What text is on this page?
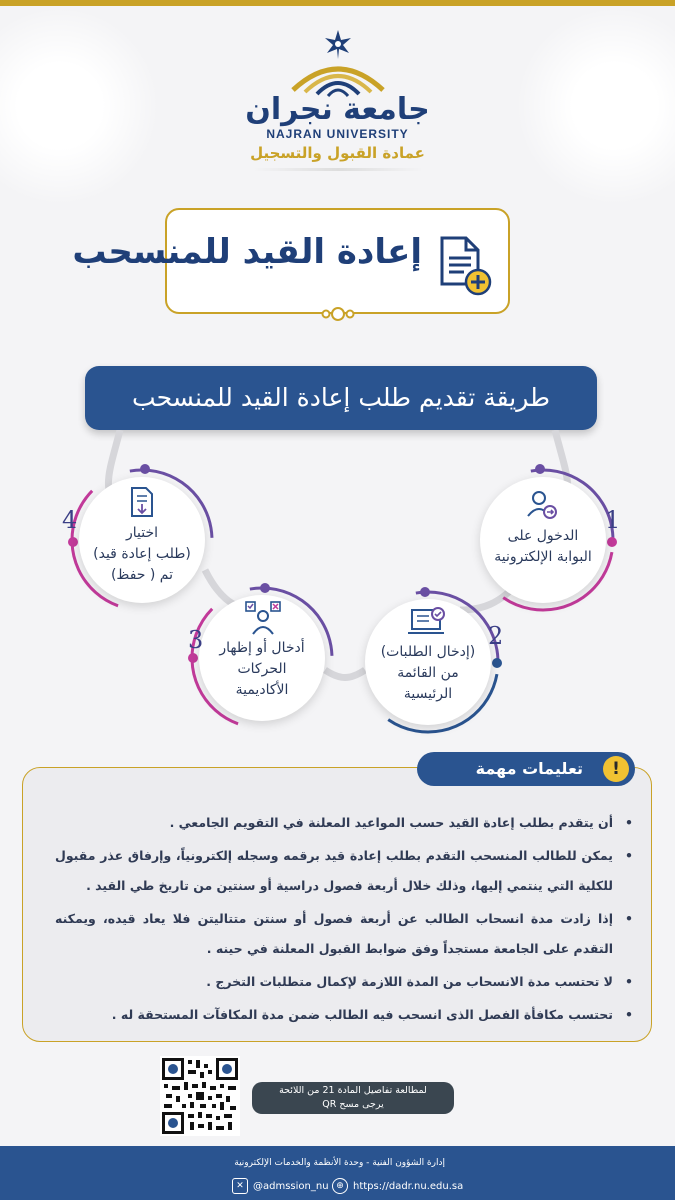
جامعة نجران
NAJRAN UNIVERSITY
عمادة القبول والتسجيل
إعادة القيد للمنسحب
طريقة تقديم طلب إعادة القيد للمنسحب
الدخول على
البوابة الإلكترونية
1
(إدخال الطلبات)
من القائمة
الرئيسية
2
أدخال أو إظهار
الحركات
الأكاديمية
3
اختيار
(طلب إعادة قيد)
تم ( حفظ)
4
!
تعليمات مهمة
• أن يتقدم بطلب إعادة القيد حسب المواعيد المعلنة في التقويم الجامعي .
• يمكن للطالب المنسحب التقدم بطلب إعادة قيد برقمه وسجله إلكترونياً، وإرفاق عذر مقبول للكلية التي ينتمي إليها، وذلك خلال أربعة فصول دراسية أو سنتين من تاريخ طي القيد .
• إذا زادت مدة انسحاب الطالب عن أربعة فصول أو سنتن متتاليتن فلا يعاد قيده، ويمكنه التقدم على الجامعة مستجداً وفق ضوابط القبول المعلنة في حينه .
• لا تحتسب مدة الانسحاب من المدة اللازمة لإكمال متطلبات التخرج .
• تحتسب مكافأة الفصل الذى انسحب فيه الطالب ضمن مدة المكافآت المستحقة له .
لمطالعة تفاصيل المادة 21 من اللائحة
يرجى مسح QR
إدارة الشؤون الفنية - وحدة الأنظمة والخدمات الإلكترونية
⊕ https://dadr.nu.edu.sa
✕ @admssion_nu
